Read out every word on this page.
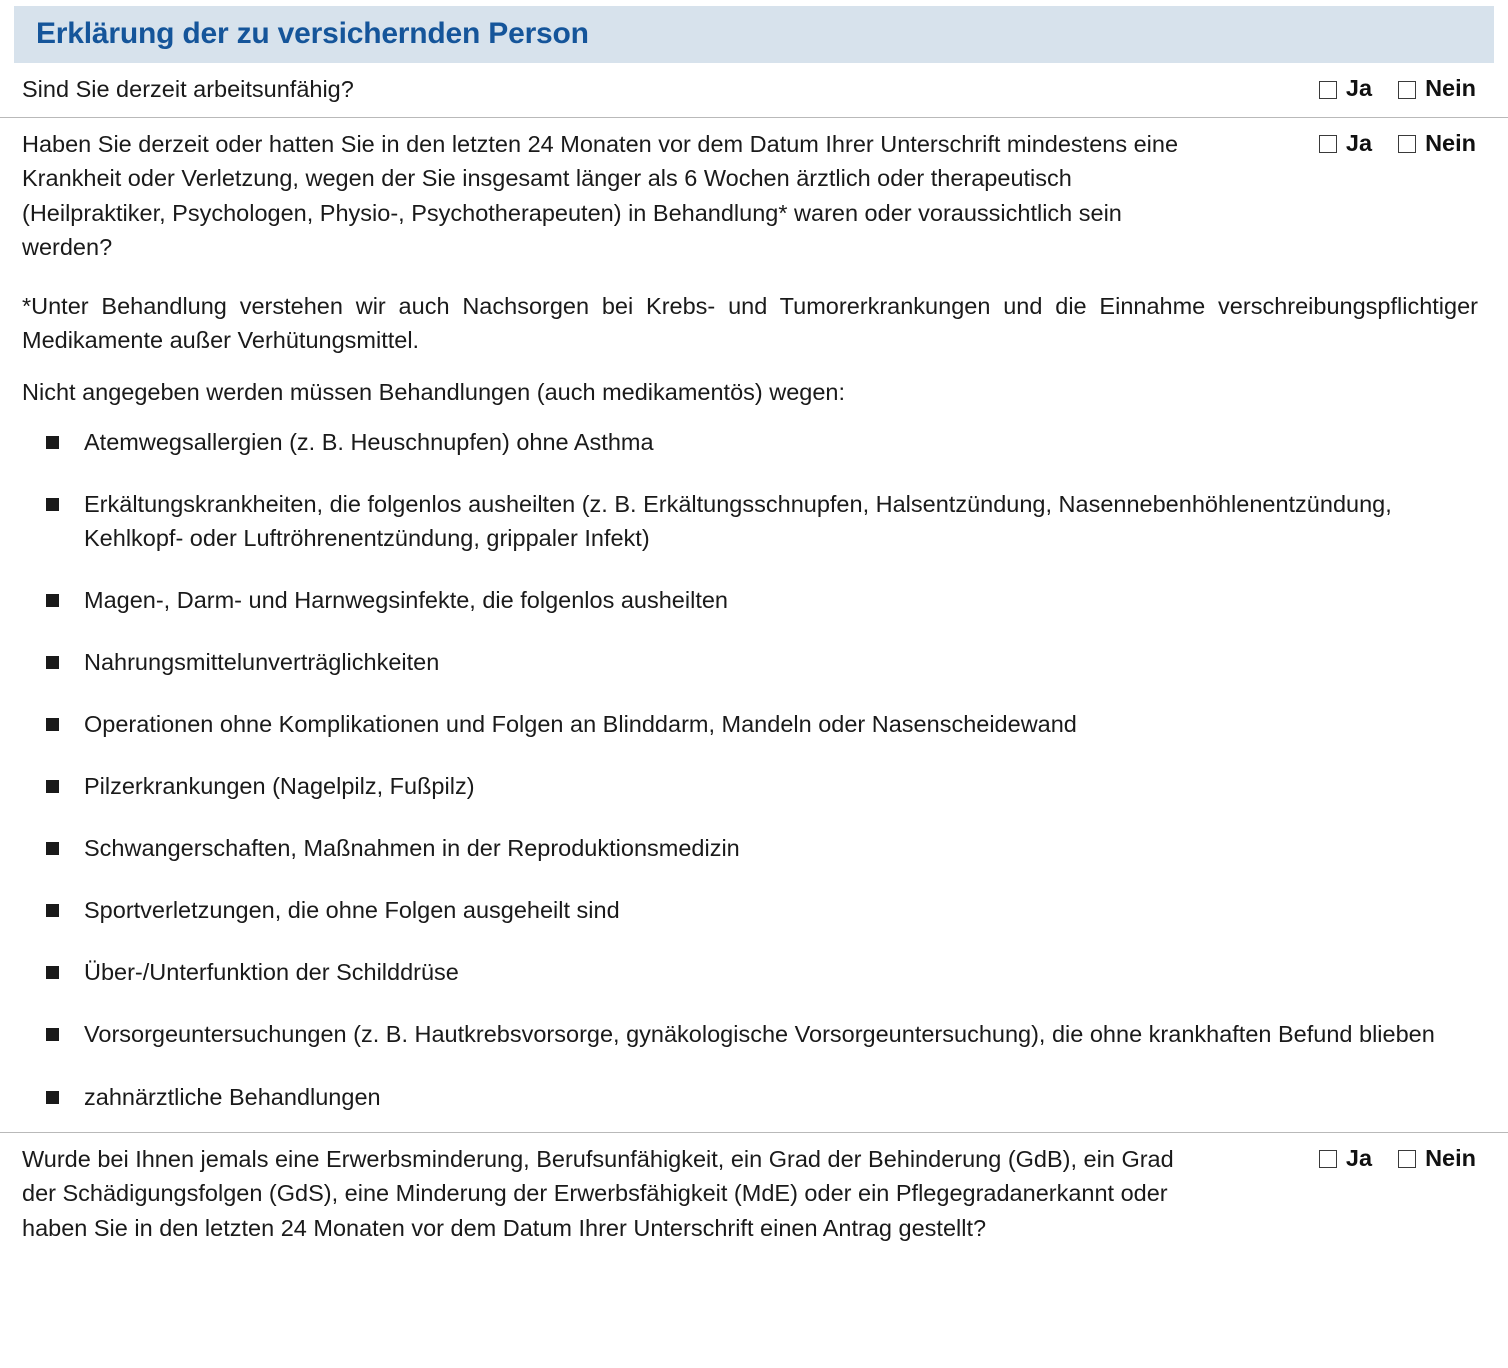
Erklärung der zu versichernden Person
Sind Sie derzeit arbeitsunfähig?	Ja Nein
Haben Sie derzeit oder hatten Sie in den letzten 24 Monaten vor dem Datum Ihrer Unterschrift mindestens eine Krankheit oder Verletzung, wegen der Sie insgesamt länger als 6 Wochen ärztlich oder therapeutisch (Heilpraktiker, Psychologen, Physio-, Psychotherapeuten) in Behandlung* waren oder voraussichtlich sein werden?
Ja Nein
*Unter Behandlung verstehen wir auch Nachsorgen bei Krebs- und Tumorerkrankungen und die Einnahme verschreibungspflichtiger Medikamente außer Verhütungsmittel.
Nicht angegeben werden müssen Behandlungen (auch medikamentös) wegen:
Atemwegsallergien (z. B. Heuschnupfen) ohne Asthma
Erkältungskrankheiten, die folgenlos ausheilten (z. B. Erkältungsschnupfen, Halsentzündung, Nasennebenhöhlenentzündung, Kehlkopf- oder Luftröhrenentzündung, grippaler Infekt)
Magen-, Darm- und Harnwegsinfekte, die folgenlos ausheilten
Nahrungsmittelunverträglichkeiten
Operationen ohne Komplikationen und Folgen an Blinddarm, Mandeln oder Nasenscheidewand
Pilzerkrankungen (Nagelpilz, Fußpilz)
Schwangerschaften, Maßnahmen in der Reproduktionsmedizin
Sportverletzungen, die ohne Folgen ausgeheilt sind
Über-/Unterfunktion der Schilddrüse
Vorsorgeuntersuchungen (z. B. Hautkrebsvorsorge, gynäkologische Vorsorgeuntersuchung), die ohne krankhaften Befund blieben
zahnärztliche Behandlungen
Wurde bei Ihnen jemals eine Erwerbsminderung, Berufsunfähigkeit, ein Grad der Behinderung (GdB), ein Grad der Schädigungsfolgen (GdS), eine Minderung der Erwerbsfähigkeit (MdE) oder ein Pflegegradanerkannt oder haben Sie in den letzten 24 Monaten vor dem Datum Ihrer Unterschrift einen Antrag gestellt?
Ja Nein
